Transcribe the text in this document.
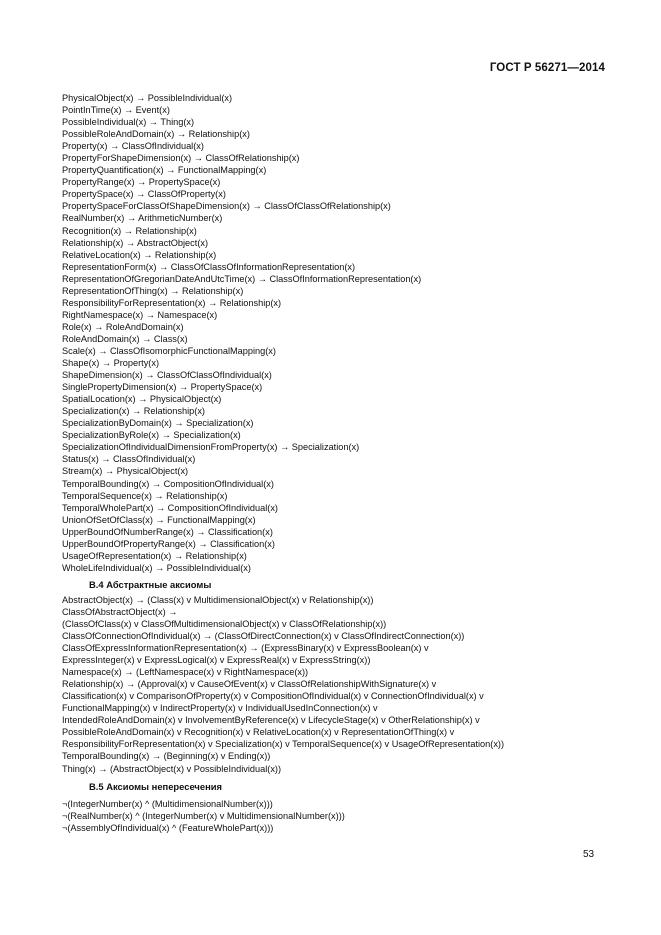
ГОСТ Р 56271—2014
PhysicalObject(x) → PossibleIndividual(x)
PointInTime(x) → Event(x)
PossibleIndividual(x) → Thing(x)
PossibleRoleAndDomain(x) → Relationship(x)
Property(x) → ClassOfIndividual(x)
PropertyForShapeDimension(x) → ClassOfRelationship(x)
PropertyQuantification(x) → FunctionalMapping(x)
PropertyRange(x) → PropertySpace(x)
PropertySpace(x) → ClassOfProperty(x)
PropertySpaceForClassOfShapeDimension(x) → ClassOfClassOfRelationship(x)
RealNumber(x) → ArithmeticNumber(x)
Recognition(x) → Relationship(x)
Relationship(x) → AbstractObject(x)
RelativeLocation(x) → Relationship(x)
RepresentationForm(x) → ClassOfClassOfInformationRepresentation(x)
RepresentationOfGregorianDateAndUtcTime(x) → ClassOfInformationRepresentation(x)
RepresentationOfThing(x) → Relationship(x)
ResponsibilityForRepresentation(x) → Relationship(x)
RightNamespace(x) → Namespace(x)
Role(x) → RoleAndDomain(x)
RoleAndDomain(x) → Class(x)
Scale(x) → ClassOfIsomorphicFunctionalMapping(x)
Shape(x) → Property(x)
ShapeDimension(x) → ClassOfClassOfIndividual(x)
SinglePropertyDimension(x) → PropertySpace(x)
SpatialLocation(x) → PhysicalObject(x)
Specialization(x) → Relationship(x)
SpecializationByDomain(x) → Specialization(x)
SpecializationByRole(x) → Specialization(x)
SpecializationOfIndividualDimensionFromProperty(x) → Specialization(x)
Status(x) → ClassOfIndividual(x)
Stream(x) → PhysicalObject(x)
TemporalBounding(x) → CompositionOfIndividual(x)
TemporalSequence(x) → Relationship(x)
TemporalWholePart(x) → CompositionOfIndividual(x)
UnionOfSetOfClass(x) → FunctionalMapping(x)
UpperBoundOfNumberRange(x) → Classification(x)
UpperBoundOfPropertyRange(x) → Classification(x)
UsageOfRepresentation(x) → Relationship(x)
WholeLifeIndividual(x) → PossibleIndividual(x)
B.4 Абстрактные аксиомы
AbstractObject(x) → (Class(x) v MultidimensionalObject(x) v Relationship(x))
ClassOfAbstractObject(x) →
(ClassOfClass(x) v ClassOfMultidimensionalObject(x) v ClassOfRelationship(x))
ClassOfConnectionOfIndividual(x) → (ClassOfDirectConnection(x) v ClassOfIndirectConnection(x))
ClassOfExpressInformationRepresentation(x) → (ExpressBinary(x) v ExpressBoolean(x) v
ExpressInteger(x) v ExpressLogical(x) v ExpressReal(x) v ExpressString(x))
Namespace(x) → (LeftNamespace(x) v RightNamespace(x))
Relationship(x) → (Approval(x) v CauseOfEvent(x) v ClassOfRelationshipWithSignature(x) v
Classification(x) v ComparisonOfProperty(x) v CompositionOfIndividual(x) v ConnectionOfIndividual(x) v
FunctionalMapping(x) v IndirectProperty(x) v IndividualUsedInConnection(x) v
IntendedRoleAndDomain(x) v InvolvementByReference(x) v LifecycleStage(x) v OtherRelationship(x) v
PossibleRoleAndDomain(x) v Recognition(x) v RelativeLocation(x) v RepresentationOfThing(x) v
ResponsibilityForRepresentation(x) v Specialization(x) v TemporalSequence(x) v UsageOfRepresentation(x))
TemporalBounding(x) → (Beginning(x) v Ending(x))
Thing(x) → (AbstractObject(x) v PossibleIndividual(x))
B.5 Аксиомы непересечения
¬(IntegerNumber(x) ^ (MultidimensionalNumber(x)))
¬(RealNumber(x) ^ (IntegerNumber(x) v MultidimensionalNumber(x)))
¬(AssemblyOfIndividual(x) ^ (FeatureWholePart(x)))
53
